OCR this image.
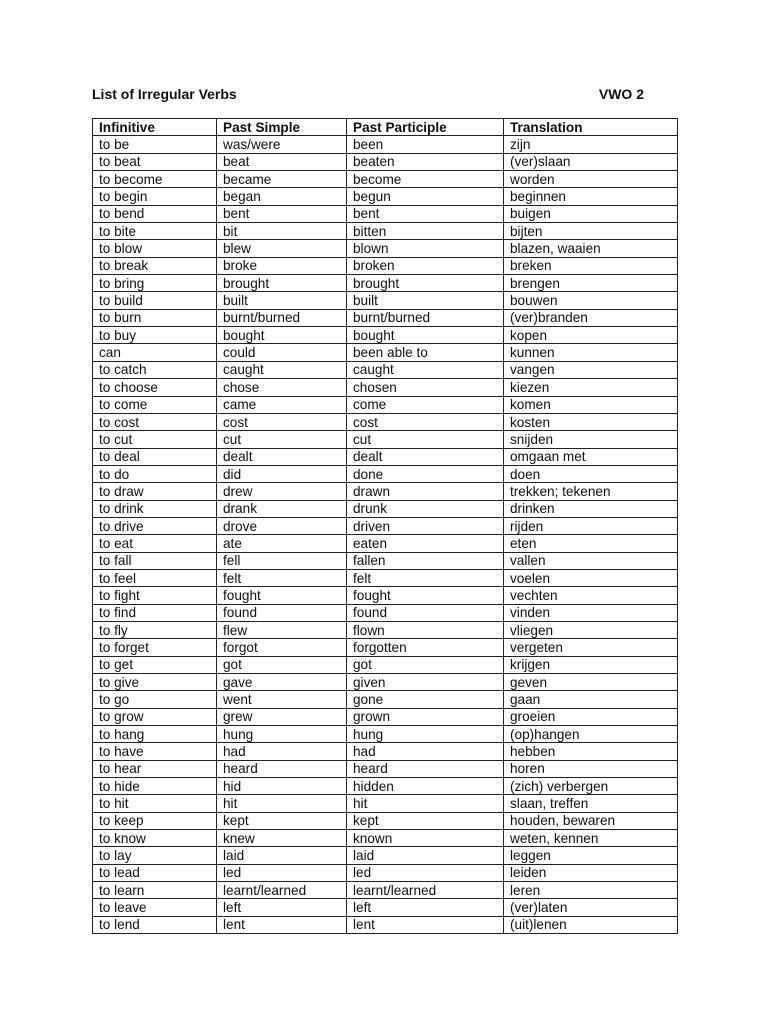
List of Irregular Verbs	VWO 2
Infinitive	Past Simple	Past Participle	Translation
to be	was/were	been	zijn
to beat	beat	beaten	(ver)slaan
to become	became	become	worden
to begin	began	begun	beginnen
to bend	bent	bent	buigen
to bite	bit	bitten	bijten
to blow	blew	blown	blazen, waaien
to break	broke	broken	breken
to bring	brought	brought	brengen
to build	built	built	bouwen
to burn	burnt/burned	burnt/burned	(ver)branden
to buy	bought	bought	kopen
can	could	been able to	kunnen
to catch	caught	caught	vangen
to choose	chose	chosen	kiezen
to come	came	come	komen
to cost	cost	cost	kosten
to cut	cut	cut	snijden
to deal	dealt	dealt	omgaan met
to do	did	done	doen
to draw	drew	drawn	trekken; tekenen
to drink	drank	drunk	drinken
to drive	drove	driven	rijden
to eat	ate	eaten	eten
to fall	fell	fallen	vallen
to feel	felt	felt	voelen
to fight	fought	fought	vechten
to find	found	found	vinden
to fly	flew	flown	vliegen
to forget	forgot	forgotten	vergeten
to get	got	got	krijgen
to give	gave	given	geven
to go	went	gone	gaan
to grow	grew	grown	groeien
to hang	hung	hung	(op)hangen
to have	had	had	hebben
to hear	heard	heard	horen
to hide	hid	hidden	(zich) verbergen
to hit	hit	hit	slaan, treffen
to keep	kept	kept	houden, bewaren
to know	knew	known	weten, kennen
to lay	laid	laid	leggen
to lead	led	led	leiden
to learn	learnt/learned	learnt/learned	leren
to leave	left	left	(ver)laten
to lend	lent	lent	(uit)lenen
